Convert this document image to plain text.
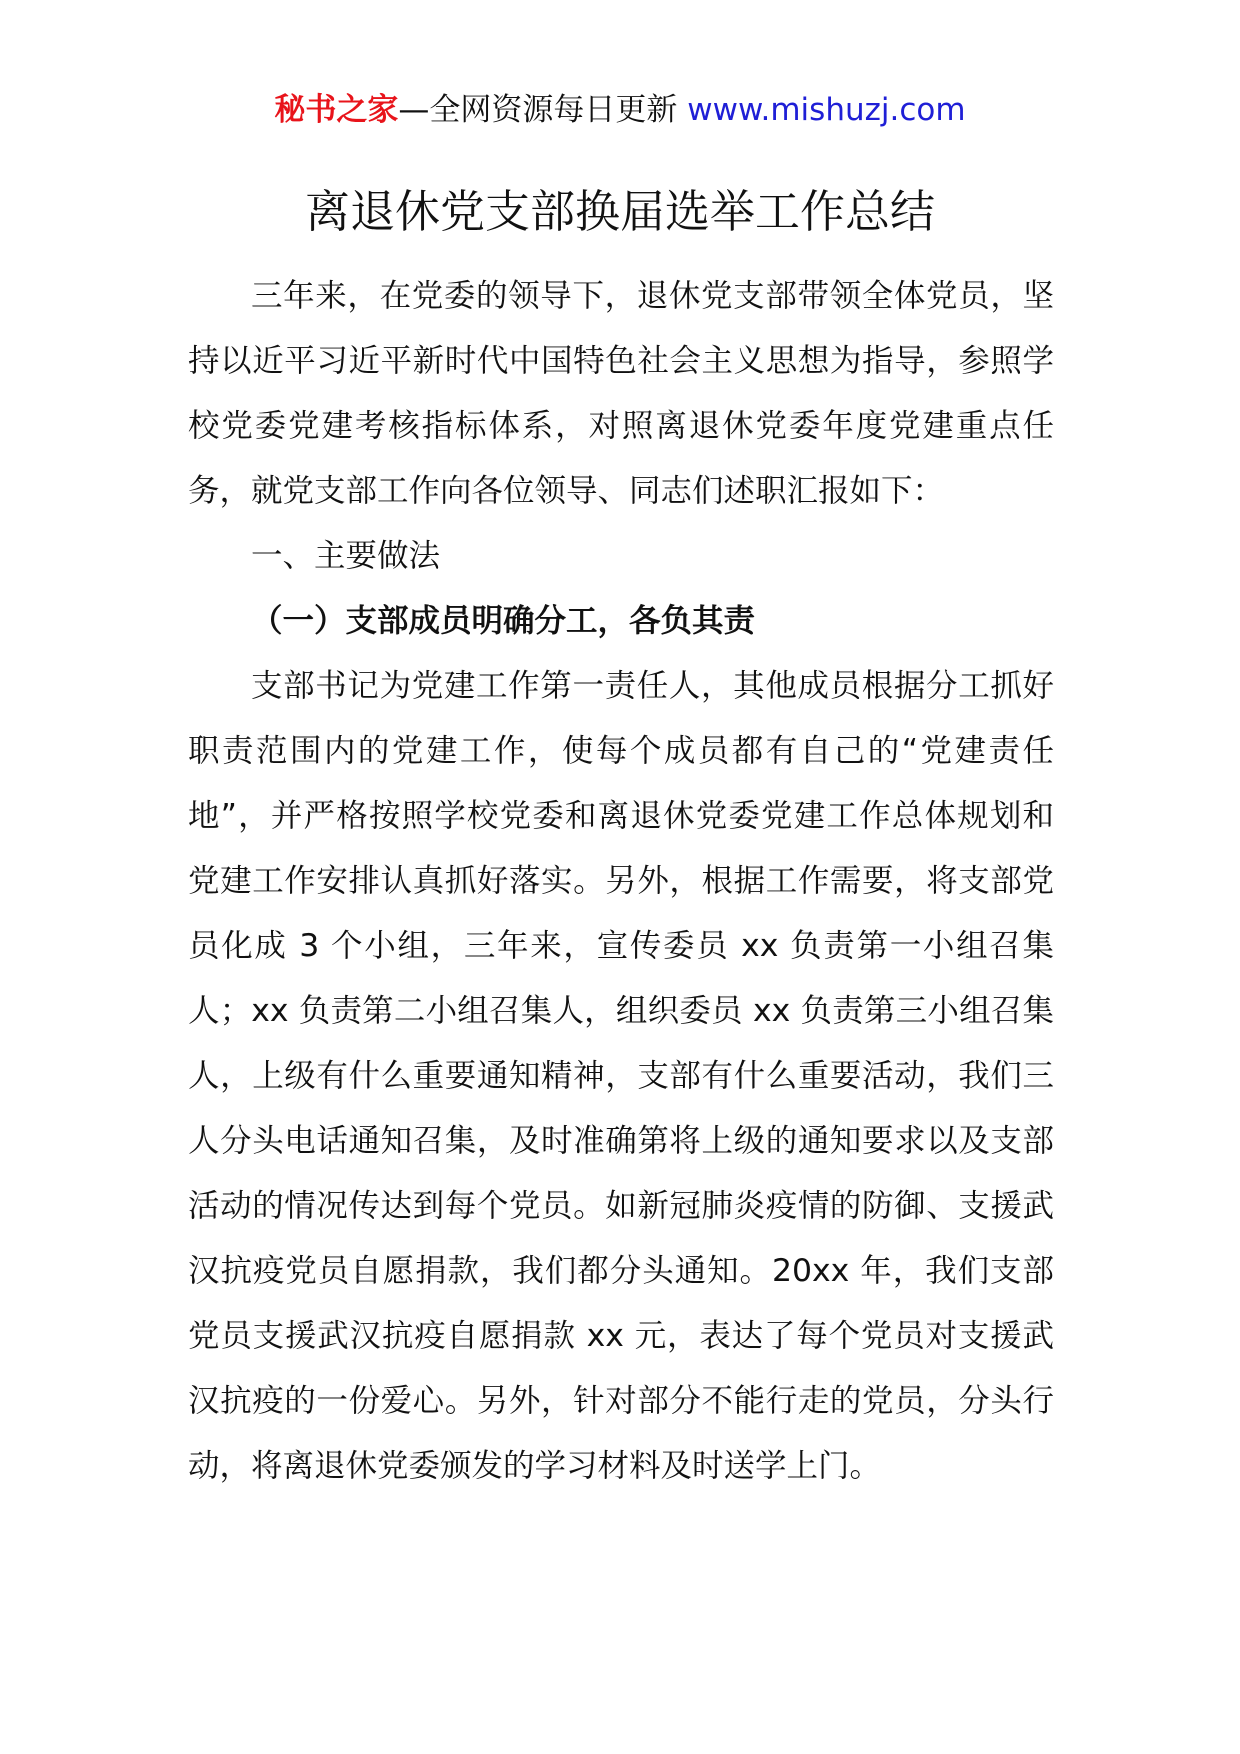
秘书之家—全网资源每日更新 www.mishuzj.com
离退休党支部换届选举工作总结

三年来，在党委的领导下，退休党支部带领全体党员，坚持以近平习近平新时代中国特色社会主义思想为指导，参照学校党委党建考核指标体系，对照离退休党委年度党建重点任务，就党支部工作向各位领导、同志们述职汇报如下：

一、主要做法

（一）支部成员明确分工，各负其责

支部书记为党建工作第一责任人，其他成员根据分工抓好职责范围内的党建工作，使每个成员都有自己的“党建责任地”，并严格按照学校党委和离退休党委党建工作总体规划和党建工作安排认真抓好落实。另外，根据工作需要，将支部党员化成 3 个小组，三年来，宣传委员 xx 负责第一小组召集人；xx 负责第二小组召集人，组织委员 xx 负责第三小组召集人，上级有什么重要通知精神，支部有什么重要活动，我们三人分头电话通知召集，及时准确第将上级的通知要求以及支部活动的情况传达到每个党员。如新冠肺炎疫情的防御、支援武汉抗疫党员自愿捐款，我们都分头通知。20xx 年，我们支部党员支援武汉抗疫自愿捐款 xx 元，表达了每个党员对支援武汉抗疫的一份爱心。另外，针对部分不能行走的党员，分头行动，将离退休党委颁发的学习材料及时送学上门。
